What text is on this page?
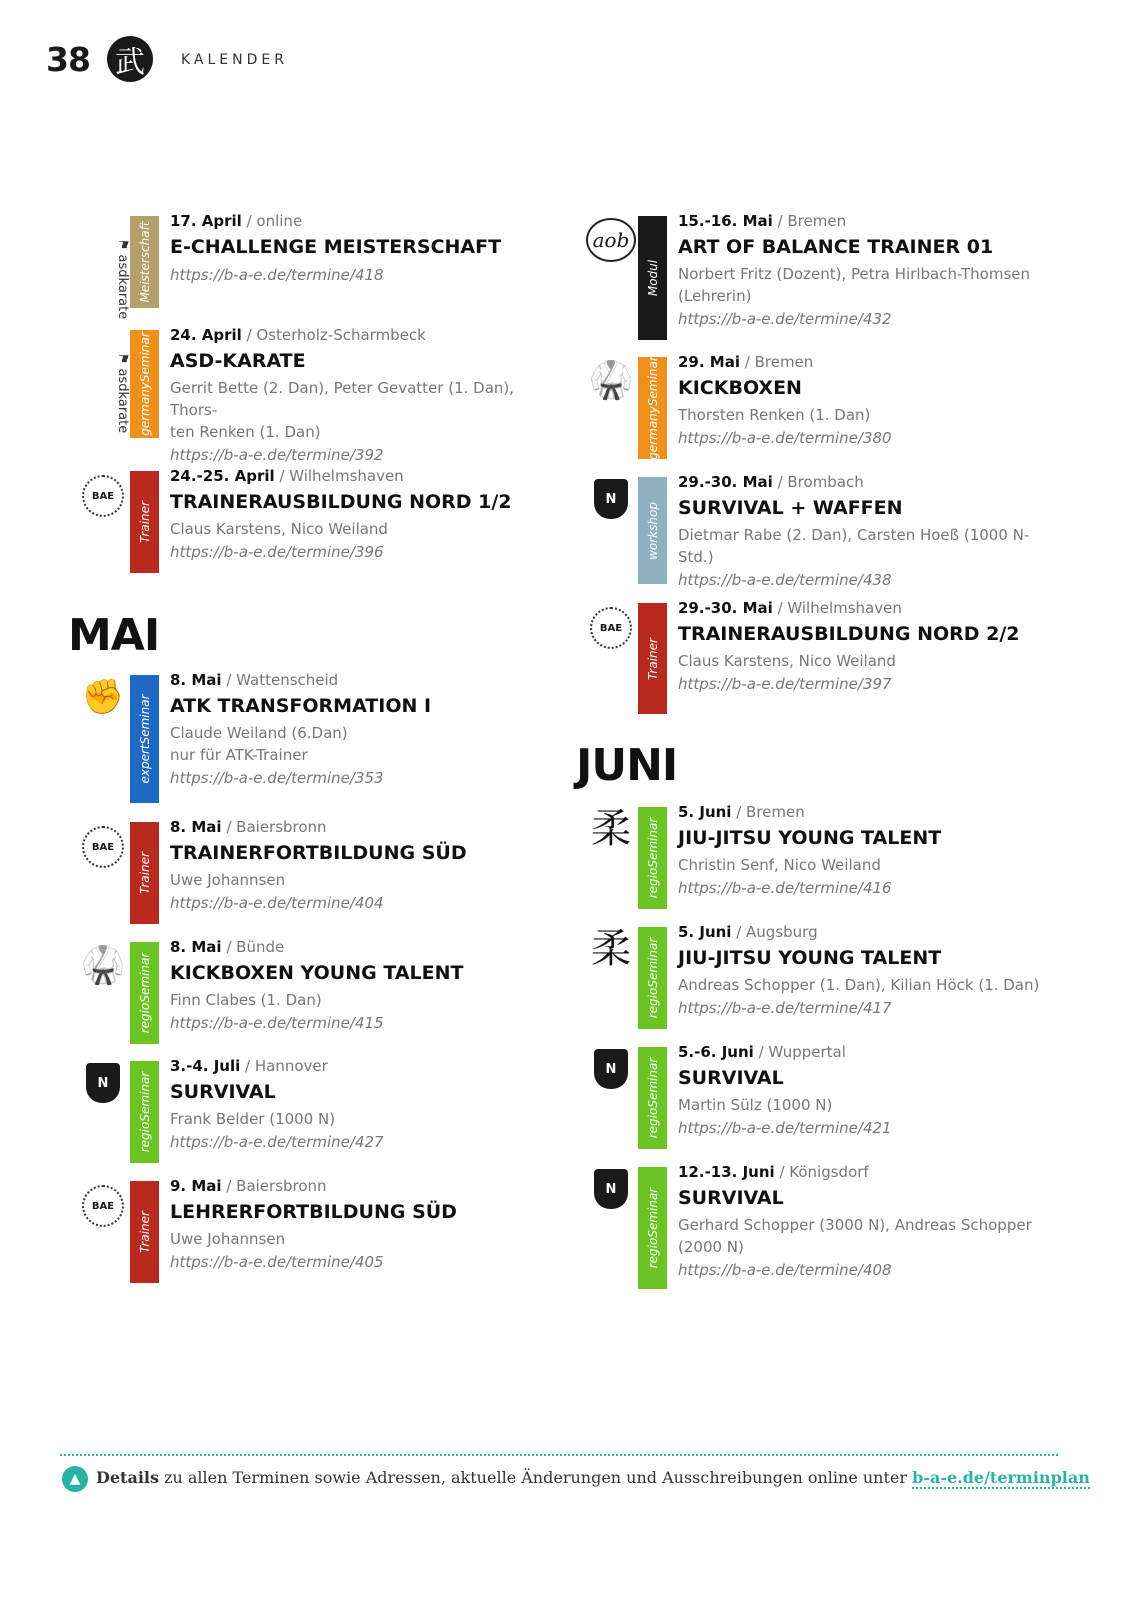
38 武	KALENDER
MAI
JUNI
⚑ asdkarate Meisterschaft
17. April / online
E-CHALLENGE MEISTERSCHAFT
https://b-a-e.de/termine/418
⚑ asdkarate germanySeminar 24. April / Osterholz-Scharmbeck
ASD-KARATE
Gerrit Bette (2. Dan), Peter Gevatter (1. Dan), Thors-
ten Renken (1. Dan)
https://b-a-e.de/termine/392
BAE
Trainer
24.-25. April / Wilhelmshaven
TRAINERAUSBILDUNG NORD 1/2
Claus Karstens, Nico Weiland
https://b-a-e.de/termine/396
✊ expertSeminar
8. Mai / Wattenscheid
ATK TRANSFORMATION I
Claude Weiland (6.Dan)
nur für ATK-Trainer
https://b-a-e.de/termine/353
BAE
Trainer
8. Mai / Baiersbronn
TRAINERFORTBILDUNG SÜD
Uwe Johannsen
https://b-a-e.de/termine/404
🥋 regioSeminar
8. Mai / Bünde
KICKBOXEN YOUNG TALENT
Finn Clabes (1. Dan)
https://b-a-e.de/termine/415
N	regioSeminar
3.-4. Juli / Hannover
SURVIVAL
Frank Belder (1000 N)
https://b-a-e.de/termine/427
BAE
Trainer
9. Mai / Baiersbronn
LEHRERFORTBILDUNG SÜD
Uwe Johannsen
https://b-a-e.de/termine/405
aob
Modul
15.-16. Mai / Bremen
ART OF BALANCE TRAINER 01
Norbert Fritz (Dozent), Petra Hirlbach-Thomsen
(Lehrerin)
https://b-a-e.de/termine/432
🥋 germanySeminar 29. Mai / Bremen
KICKBOXEN
Thorsten Renken (1. Dan)
https://b-a-e.de/termine/380
N
workshop
29.-30. Mai / Brombach
SURVIVAL + WAFFEN
Dietmar Rabe (2. Dan), Carsten Hoeß (1000 N-Std.)
https://b-a-e.de/termine/438
BAE
Trainer
29.-30. Mai / Wilhelmshaven
TRAINERAUSBILDUNG NORD 2/2
Claus Karstens, Nico Weiland
https://b-a-e.de/termine/397
柔 regioSeminar
5. Juni / Bremen
JIU-JITSU YOUNG TALENT
Christin Senf, Nico Weiland
https://b-a-e.de/termine/416
柔 regioSeminar
5. Juni / Augsburg
JIU-JITSU YOUNG TALENT
Andreas Schopper (1. Dan), Kilian Höck (1. Dan)
https://b-a-e.de/termine/417
N	regioSeminar
5.-6. Juni / Wuppertal
SURVIVAL
Martin Sülz (1000 N)
https://b-a-e.de/termine/421
N	regioSeminar
12.-13. Juni / Königsdorf
SURVIVAL
Gerhard Schopper (3000 N), Andreas Schopper
(2000 N)
https://b-a-e.de/termine/408
▲ Details zu allen Terminen sowie Adressen, aktuelle Änderungen und Ausschreibungen online unter b-a-e.de/terminplan
